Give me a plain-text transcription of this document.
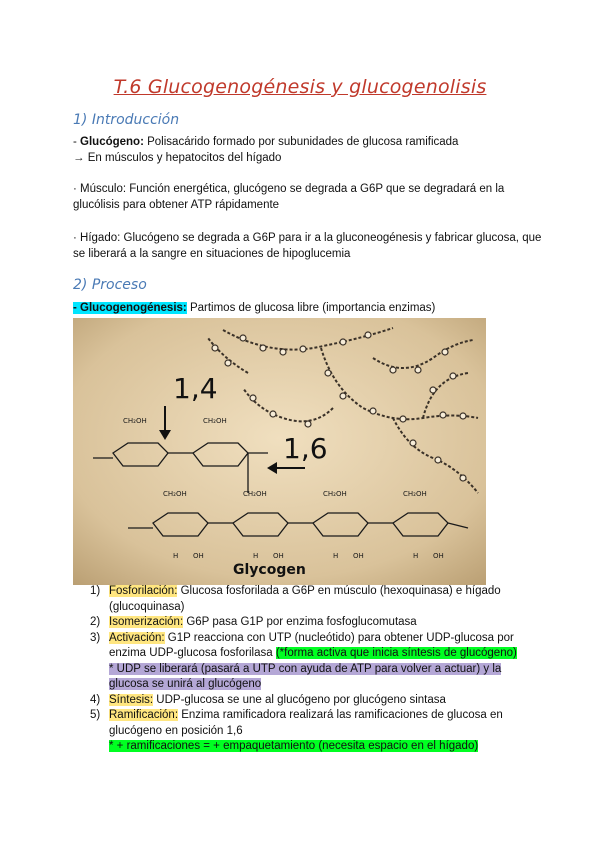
T.6 Glucogenogénesis y glucogenolisis
1) Introducción
- Glucógeno: Polisacárido formado por subunidades de glucosa ramificada
→ En músculos y hepatocitos del hígado
· Músculo: Función energética, glucógeno se degrada a G6P que se degradará en la glucólisis para obtener ATP rápidamente
· Hígado: Glucógeno se degrada a G6P para ir a la gluconeogénesis y fabricar glucosa, que se liberará a la sangre en situaciones de hipoglucemia
2) Proceso
- Glucogenogénesis: Partimos de glucosa libre (importancia enzimas)
CH₂OH	CH₂OH
CH₂OH	CH₂OH	CH₂OH	CH₂OH
H OH	H OH	H OH	H OH
1,4
1,6
Glycogen
1) Fosforilación: Glucosa fosforilada a G6P en músculo (hexoquinasa) e hígado (glucoquinasa)
2) Isomerización: G6P pasa G1P por enzima fosfoglucomutasa
3) Activación: G1P reacciona con UTP (nucleótido) para obtener UDP-glucosa por enzima UDP-glucosa fosforilasa (*forma activa que inicia síntesis de glucógeno)
* UDP se liberará (pasará a UTP con ayuda de ATP para volver a actuar) y la glucosa se unirá al glucógeno
4) Síntesis: UDP-glucosa se une al glucógeno por glucógeno sintasa
5) Ramificación: Enzima ramificadora realizará las ramificaciones de glucosa en glucógeno en posición 1,6
* + ramificaciones = + empaquetamiento (necesita espacio en el hígado)
